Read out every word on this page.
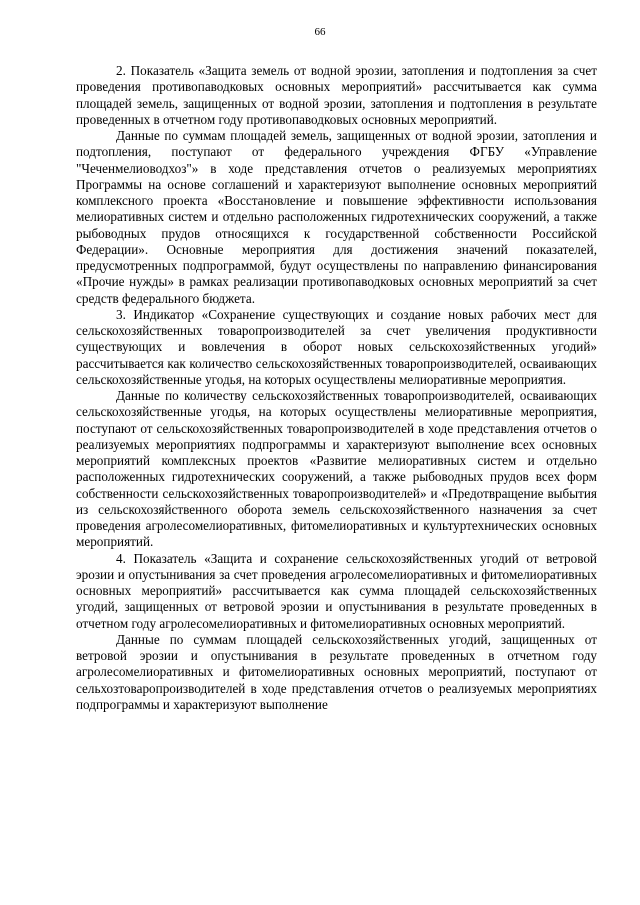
66

2. Показатель «Защита земель от водной эрозии, затопления и подтопления за счет проведения противопаводковых основных мероприятий» рассчитывается как сумма площадей земель, защищенных от водной эрозии, затопления и подтопления в результате проведенных в отчетном году противопаводковых основных мероприятий.

Данные по суммам площадей земель, защищенных от водной эрозии, затопления и подтопления, поступают от федерального учреждения ФГБУ «Управление "Чеченмелиоводхоз"» в ходе представления отчетов о реализуемых мероприятиях Программы на основе соглашений и характеризуют выполнение основных мероприятий комплексного проекта «Восстановление и повышение эффективности использования мелиоративных систем и отдельно расположенных гидротехнических сооружений, а также рыбоводных прудов относящихся к государственной собственности Российской Федерации». Основные мероприятия для достижения значений показателей, предусмотренных подпрограммой, будут осуществлены по направлению финансирования «Прочие нужды» в рамках реализации противопаводковых основных мероприятий за счет средств федерального бюджета.

3. Индикатор «Сохранение существующих и создание новых рабочих мест для сельскохозяйственных товаропроизводителей за счет увеличения продуктивности существующих и вовлечения в оборот новых сельскохозяйственных угодий» рассчитывается как количество сельскохозяйственных товаропроизводителей, осваивающих сельскохозяйственные угодья, на которых осуществлены мелиоративные мероприятия.

Данные по количеству сельскохозяйственных товаропроизводителей, осваивающих сельскохозяйственные угодья, на которых осуществлены мелиоративные мероприятия, поступают от сельскохозяйственных товаропроизводителей в ходе представления отчетов о реализуемых мероприятиях подпрограммы и характеризуют выполнение всех основных мероприятий комплексных проектов «Развитие мелиоративных систем и отдельно расположенных гидротехнических сооружений, а также рыбоводных прудов всех форм собственности сельскохозяйственных товаропроизводителей» и «Предотвращение выбытия из сельскохозяйственного оборота земель сельскохозяйственного назначения за счет проведения агролесомелиоративных, фитомелиоративных и культуртехнических основных мероприятий.

4. Показатель «Защита и сохранение сельскохозяйственных угодий от ветровой эрозии и опустынивания за счет проведения агролесомелиоративных и фитомелиоративных основных мероприятий» рассчитывается как сумма площадей сельскохозяйственных угодий, защищенных от ветровой эрозии и опустынивания в результате проведенных в отчетном году агролесомелиоративных и фитомелиоративных основных мероприятий.

Данные по суммам площадей сельскохозяйственных угодий, защищенных от ветровой эрозии и опустынивания в результате проведенных в отчетном году агролесомелиоративных и фитомелиоративных основных мероприятий, поступают от сельхозтоваропроизводителей в ходе представления отчетов о реализуемых мероприятиях подпрограммы и характеризуют выполнение
